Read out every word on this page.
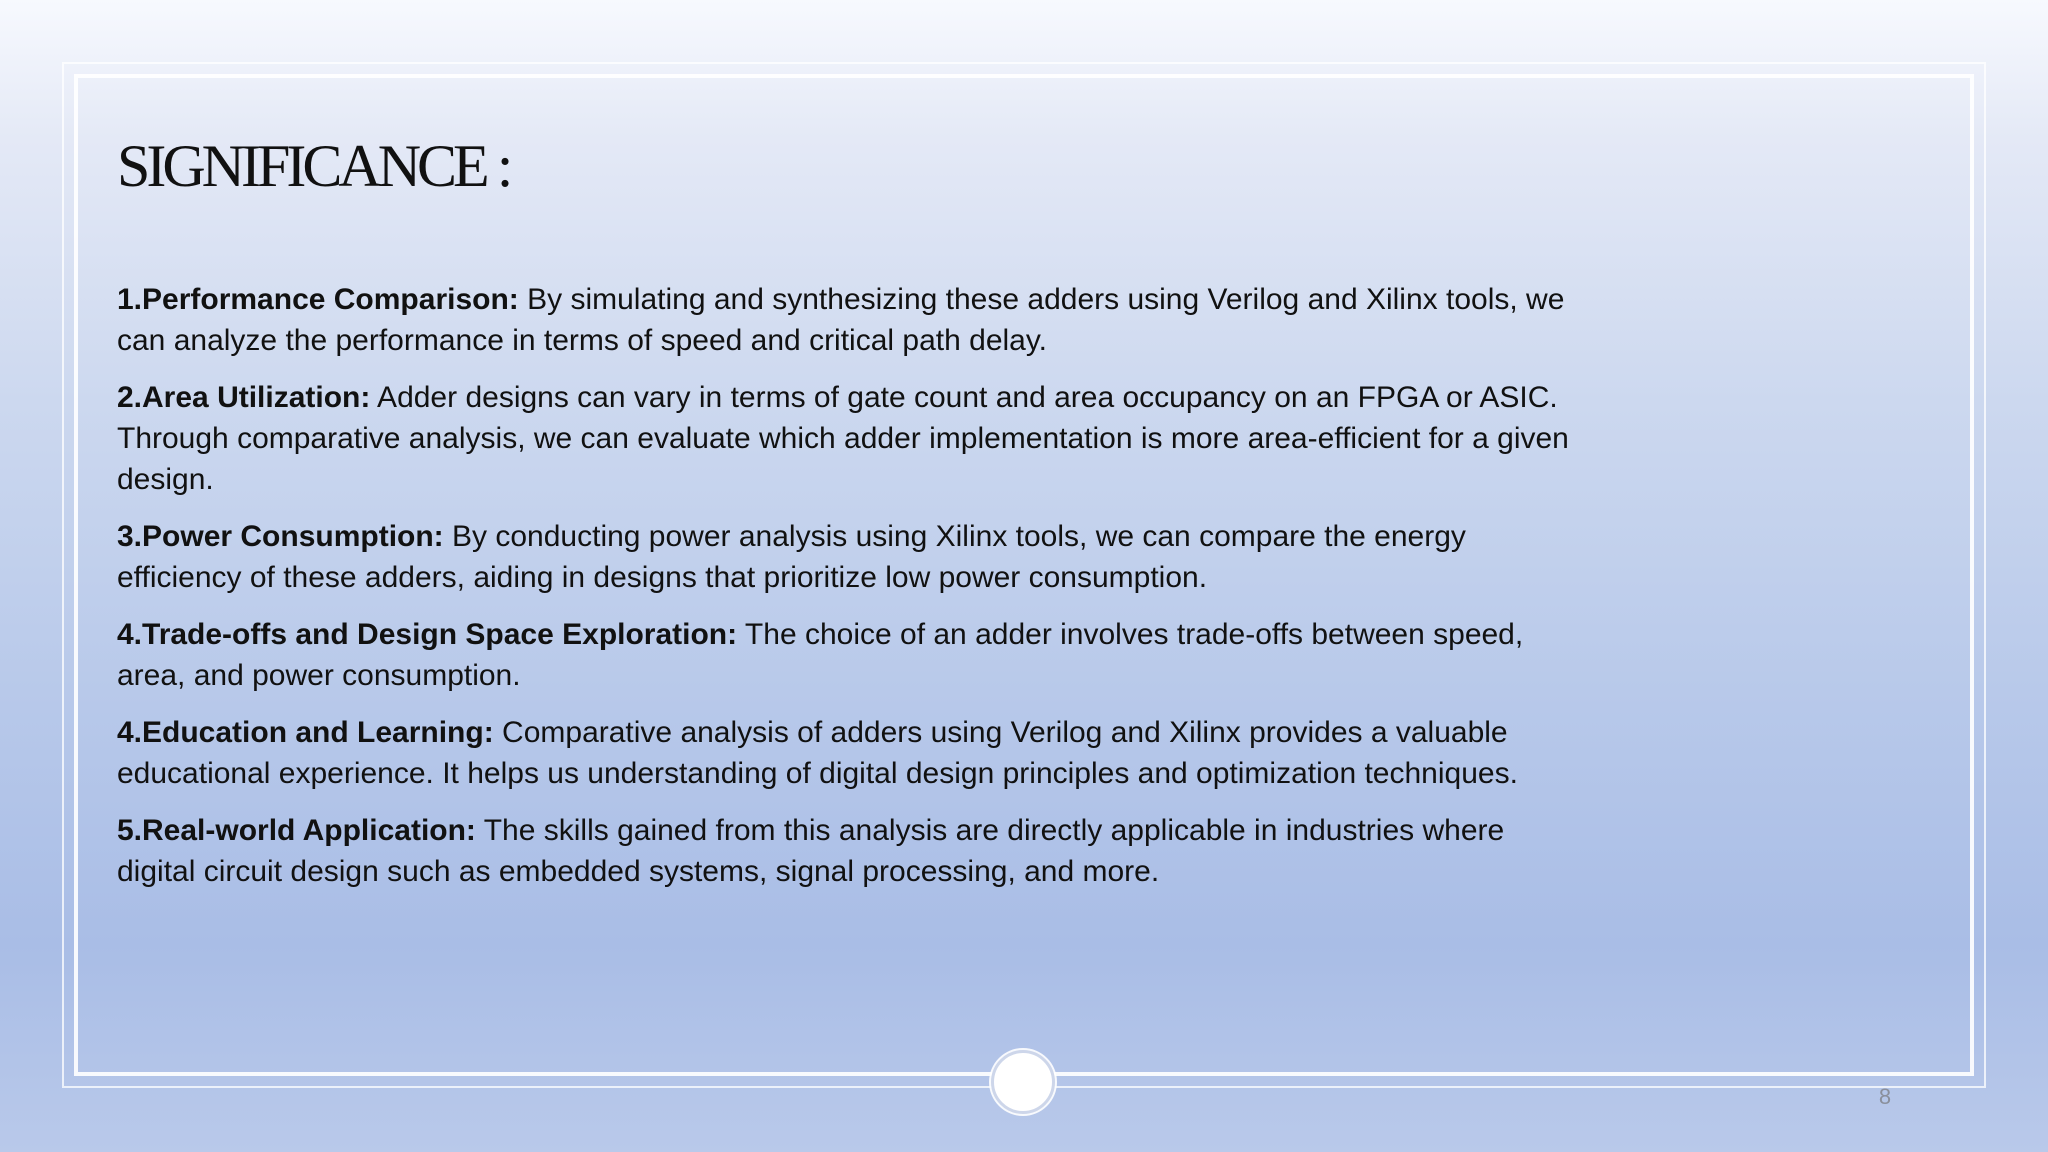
SIGNIFICANCE :

1.Performance Comparison: By simulating and synthesizing these adders using Verilog and Xilinx tools, we can analyze the performance in terms of speed and critical path delay.

2.Area Utilization: Adder designs can vary in terms of gate count and area occupancy on an FPGA or ASIC. Through comparative analysis, we can evaluate which adder implementation is more area-efficient for a given design.

3.Power Consumption: By conducting power analysis using Xilinx tools, we can compare the energy efficiency of these adders, aiding in designs that prioritize low power consumption.

4.Trade-offs and Design Space Exploration: The choice of an adder involves trade-offs between speed, area, and power consumption.

4.Education and Learning: Comparative analysis of adders using Verilog and Xilinx provides a valuable educational experience. It helps us understanding of digital design principles and optimization techniques.

5.Real-world Application: The skills gained from this analysis are directly applicable in industries where digital circuit design such as embedded systems, signal processing, and more.

8
